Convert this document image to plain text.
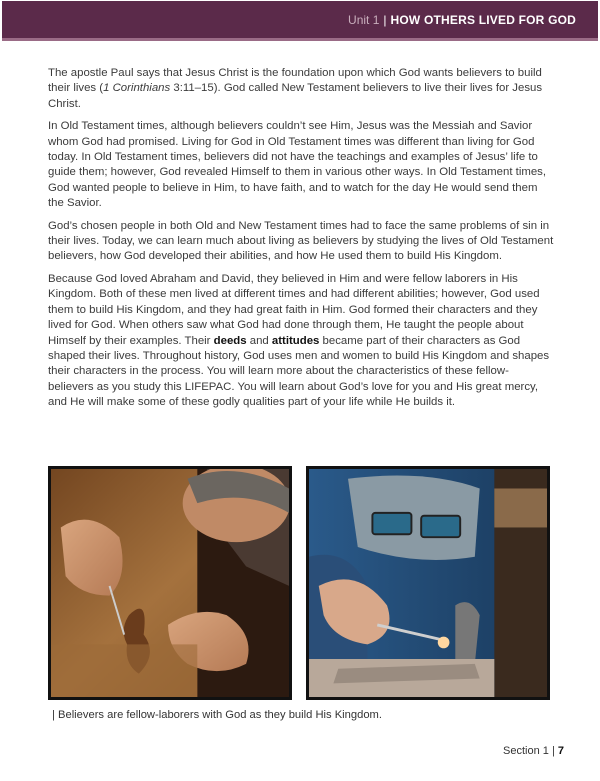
Unit 1 | HOW OTHERS LIVED FOR GOD

The apostle Paul says that Jesus Christ is the foundation upon which God wants believers to build their lives (1 Corinthians 3:11–15). God called New Testament believers to live their lives for Jesus Christ.

In Old Testament times, although believers couldn’t see Him, Jesus was the Messiah and Savior whom God had promised. Living for God in Old Testament times was different than living for God today. In Old Testament times, believers did not have the teachings and examples of Jesus’ life to guide them; however, God revealed Himself to them in various other ways. In Old Testament times, God wanted people to believe in Him, to have faith, and to watch for the day He would send them the Savior.

God’s chosen people in both Old and New Testament times had to face the same problems of sin in their lives. Today, we can learn much about living as believers by studying the lives of Old Testament believers, how God developed their abilities, and how He used them to build His Kingdom.

Because God loved Abraham and David, they believed in Him and were fellow laborers in His Kingdom. Both of these men lived at different times and had different abilities; however, God used them to build His Kingdom, and they had great faith in Him. God formed their characters and they lived for God. When others saw what God had done through them, He taught the people about Himself by their examples. Their deeds and attitudes became part of their characters as God shaped their lives. Throughout history, God uses men and women to build His Kingdom and shapes their characters in the process. You will learn more about the characteristics of these fellow-believers as you study this LIFEPAC. You will learn about God’s love for you and His great mercy, and He will make some of these godly qualities part of your life while He builds it.

| Believers are fellow-laborers with God as they build His Kingdom.
Section 1 | 7
